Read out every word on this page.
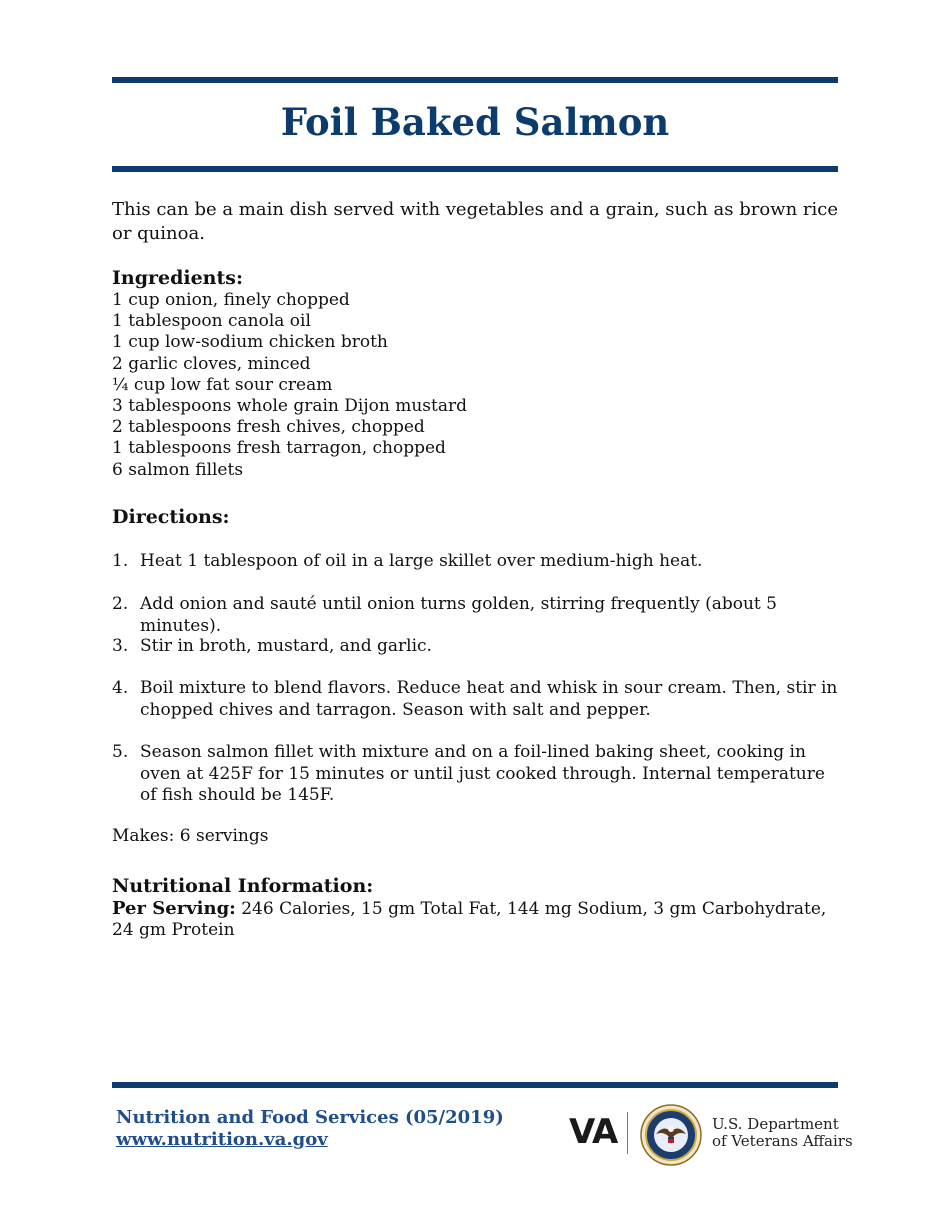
Foil Baked Salmon

This can be a main dish served with vegetables and a grain, such as brown rice or quinoa.

Ingredients:

1 cup onion, finely chopped
1 tablespoon canola oil
1 cup low-sodium chicken broth
2 garlic cloves, minced
¼ cup low fat sour cream
3 tablespoons whole grain Dijon mustard
2 tablespoons fresh chives, chopped
1 tablespoons fresh tarragon, chopped
6 salmon fillets

Directions:

1. Heat 1 tablespoon of oil in a large skillet over medium-high heat.
2. Add onion and sauté until onion turns golden, stirring frequently (about 5 minutes).
3. Stir in broth, mustard, and garlic.
4. Boil mixture to blend flavors. Reduce heat and whisk in sour cream. Then, stir in chopped chives and tarragon. Season with salt and pepper.
5. Season salmon fillet with mixture and on a foil-lined baking sheet, cooking in oven at 425F for 15 minutes or until just cooked through. Internal temperature of fish should be 145F.
Makes: 6 servings

Nutritional Information:

Per Serving: 246 Calories, 15 gm Total Fat, 144 mg Sodium, 3 gm Carbohydrate, 24 gm Protein

Nutrition and Food Services (05/2019)
www.nutrition.va.gov	VA	U.S. Department
of Veterans Affairs
